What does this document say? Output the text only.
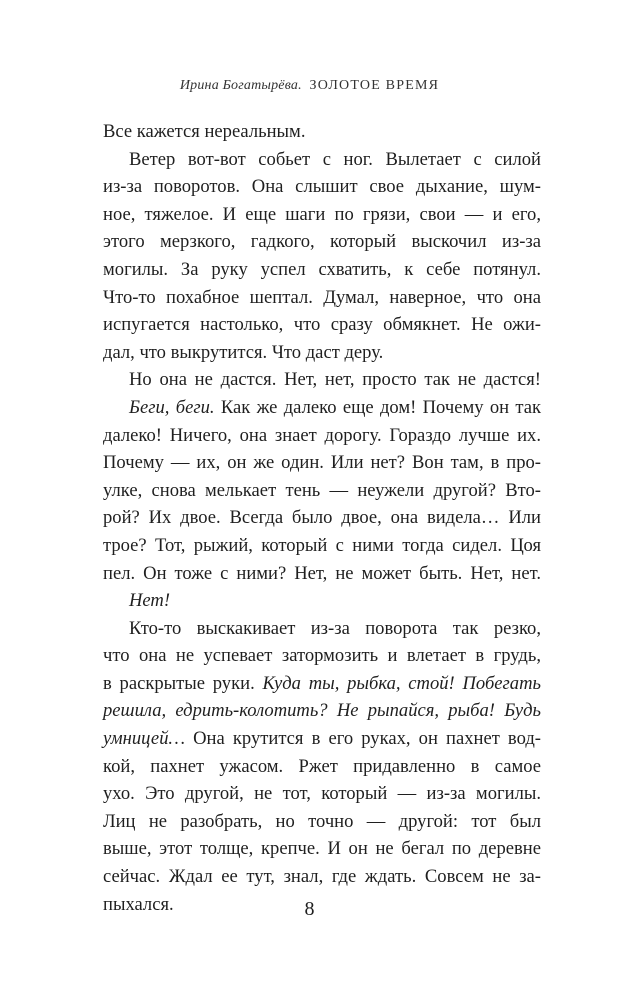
Ирина Богатырёва. ЗОЛОТОЕ ВРЕМЯ
Все кажется нереальным.
Ветер вот-вот собьет с ног. Вылетает с силой
из-за поворотов. Она слышит свое дыхание, шум-
ное, тяжелое. И еще шаги по грязи, свои — и его,
этого мерзкого, гадкого, который выскочил из-за
могилы. За руку успел схватить, к себе потянул.
Что-то похабное шептал. Думал, наверное, что она
испугается настолько, что сразу обмякнет. Не ожи-
дал, что выкрутится. Что даст деру.
Но она не дастся. Нет, нет, просто так не дастся!
Беги, беги. Как же далеко еще дом! Почему он так
далеко! Ничего, она знает дорогу. Гораздо лучше их.
Почему — их, он же один. Или нет? Вон там, в про-
улке, снова мелькает тень — неужели другой? Вто-
рой? Их двое. Всегда было двое, она видела… Или
трое? Тот, рыжий, который с ними тогда сидел. Цоя
пел. Он тоже с ними? Нет, не может быть. Нет, нет.
Нет!
Кто-то выскакивает из-за поворота так резко,
что она не успевает затормозить и влетает в грудь,
в раскрытые руки. Куда ты, рыбка, стой! Побегать
решила, едрить-колотить? Не рыпайся, рыба! Будь
умницей… Она крутится в его руках, он пахнет вод-
кой, пахнет ужасом. Ржет придавленно в самое
ухо. Это другой, не тот, который — из-за могилы.
Лиц не разобрать, но точно — другой: тот был
выше, этот толще, крепче. И он не бегал по деревне
сейчас. Ждал ее тут, знал, где ждать. Совсем не за-
пыхался.	8
